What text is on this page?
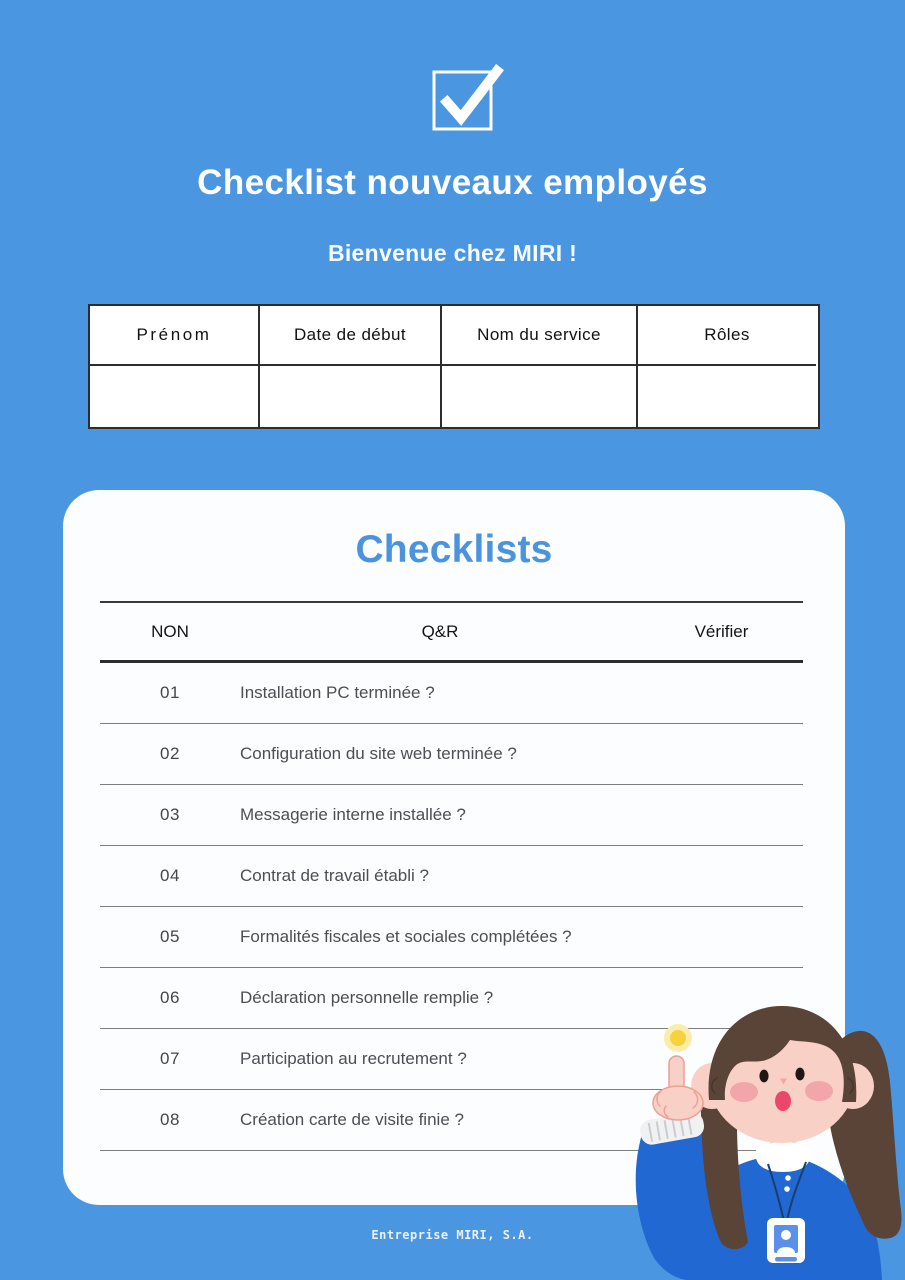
Checklist nouveaux employés
Bienvenue chez MIRI !
Prénom	Date de début	Nom du service	Rôles
Checklists
NON	Q&R	Vérifier
01	Installation PC terminée ?
02	Configuration du site web terminée ?
03	Messagerie interne installée ?
04	Contrat de travail établi ?
05	Formalités fiscales et sociales complétées ?
06	Déclaration personnelle remplie ?
07	Participation au recrutement ?
08	Création carte de visite finie ?
Entreprise MIRI, S.A.
